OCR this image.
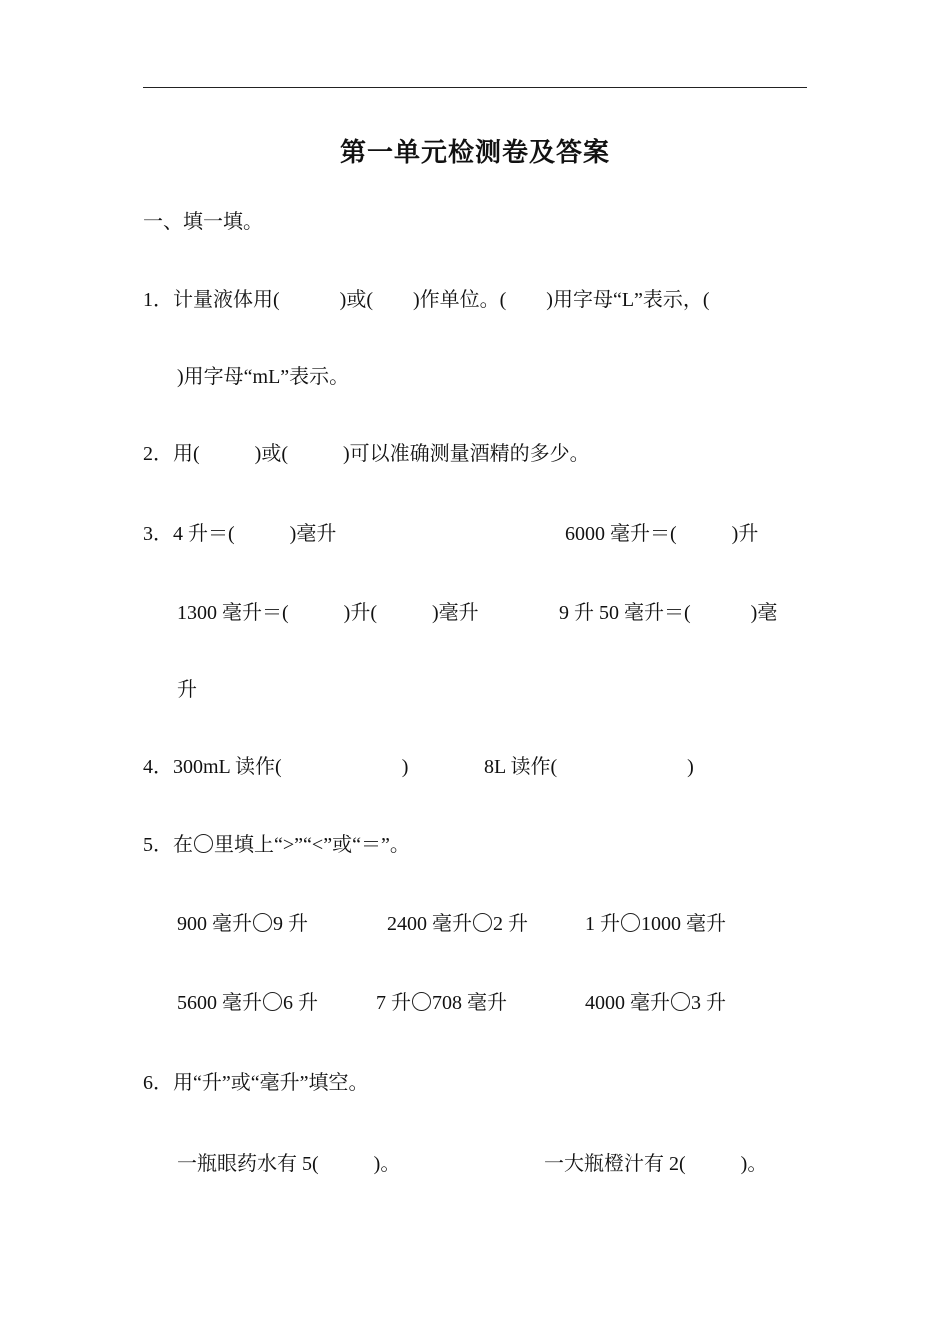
第一单元检测卷及答案
一、填一填。
1．计量液体用(            )或(        )作单位。(        )用字母“L”表示，(
)用字母“mL”表示。
2．用(           )或(           )可以准确测量酒精的多少。
3．4 升＝(           )毫升	6000 毫升＝(           )升
1300 毫升＝(           )升(           )毫升	9 升 50 毫升＝(            )毫
升
4．300mL 读作(                        )	8L 读作(                          )
5．在 里填上“>”“<”或“＝”。
900 毫升 9 升	2400 毫升 2 升	1 升 1000 毫升
5600 毫升 6 升	7 升 708 毫升	4000 毫升 3 升
6．用“升”或“毫升”填空。
一瓶眼药水有 5(           )。	一大瓶橙汁有 2(           )。
